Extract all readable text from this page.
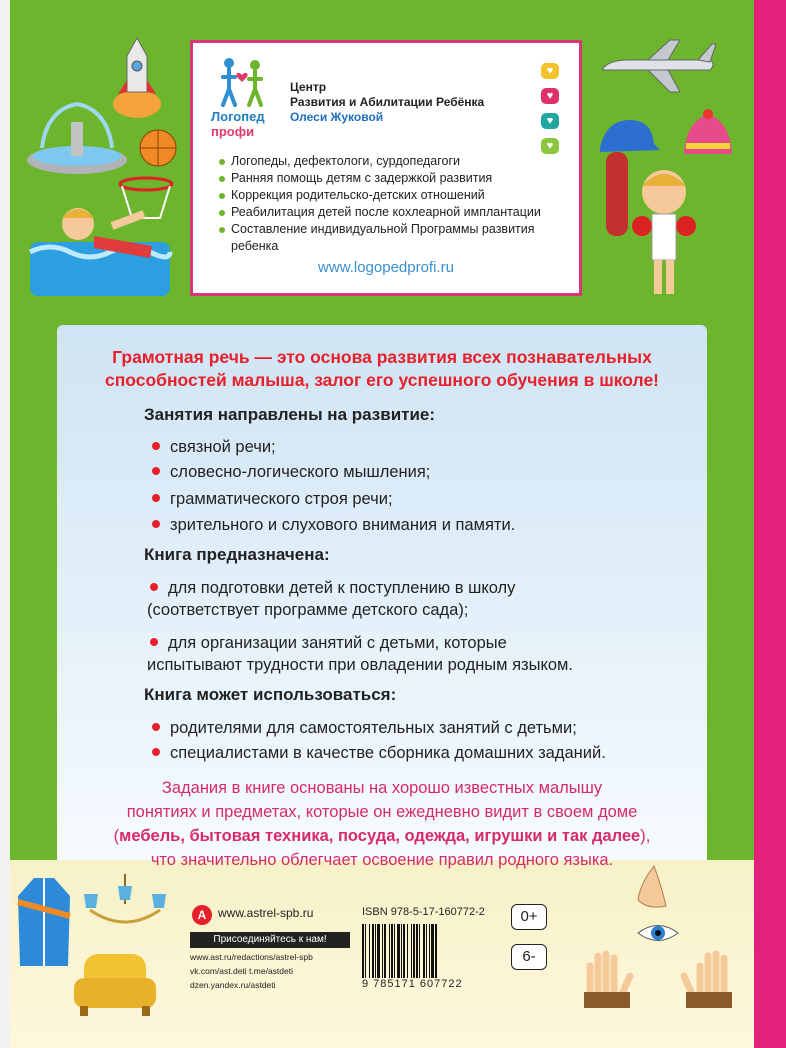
Логопед
профи
Центр
Развития и Абилитации Ребёнка
Олеси Жуковой
♥
♥
♥
♥
Логопеды, дефектологи, сурдопедагоги
Ранняя помощь детям с задержкой развития
Коррекция родительско-детских отношений
Реабилитация детей после кохлеарной имплантации
Составление индивидуальной Программы развития ребенка
www.logopedprofi.ru
Грамотная речь — это основа развития всех познавательных
способностей малыша, залог его успешного обучения в школе!
Занятия направлены на развитие:
связной речи;
словесно-логического мышления;
грамматического строя речи;
зрительного и слухового внимания и памяти.
Книга предназначена:
для подготовки детей к поступлению в школу
(соответствует программе детского сада);
для организации занятий с детьми, которые
испытывают трудности при овладении родным языком.
Книга может использоваться:
родителями для самостоятельных занятий с детьми;
специалистами в качестве сборника домашних заданий.
Задания в книге основаны на хорошо известных малышу
понятиях и предметах, которые он ежедневно видит в своем доме
(мебель, бытовая техника, посуда, одежда, игрушки и так далее),
что значительно облегчает освоение правил родного языка.
А www.astrel-spb.ru
Присоединяйтесь к нам!
www.ast.ru/redactions/astrel-spb
vk.com/ast.deti t.me/astdeti
dzen.yandex.ru/astdeti
ISBN 978-5-17-160772-2
9 785171 607722
0+
6-
